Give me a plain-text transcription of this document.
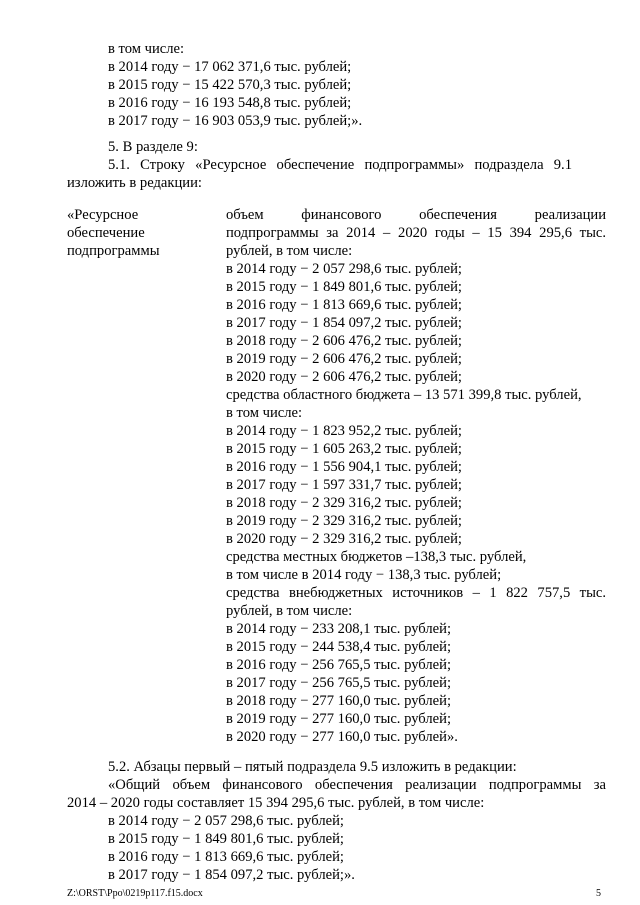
в том числе:
в 2014 году − 17 062 371,6 тыс. рублей;
в 2015 году − 15 422 570,3 тыс. рублей;
в 2016 году − 16 193 548,8 тыс. рублей;
в 2017 году − 16 903 053,9 тыс. рублей;».
5. В разделе 9:
5.1. Строку «Ресурсное обеспечение подпрограммы» подраздела 9.1
изложить в редакции:
«Ресурсное
обеспечение
подпрограммы
объем финансового обеспечения реализации
подпрограммы за 2014 – 2020 годы – 15 394 295,6 тыс.
рублей, в том числе:
в 2014 году − 2 057 298,6 тыс. рублей;
в 2015 году − 1 849 801,6 тыс. рублей;
в 2016 году − 1 813 669,6 тыс. рублей;
в 2017 году − 1 854 097,2 тыс. рублей;
в 2018 году − 2 606 476,2 тыс. рублей;
в 2019 году − 2 606 476,2 тыс. рублей;
в 2020 году − 2 606 476,2 тыс. рублей;
средства областного бюджета – 13 571 399,8 тыс. рублей,
в том числе:
в 2014 году − 1 823 952,2 тыс. рублей;
в 2015 году − 1 605 263,2 тыс. рублей;
в 2016 году − 1 556 904,1 тыс. рублей;
в 2017 году − 1 597 331,7 тыс. рублей;
в 2018 году − 2 329 316,2 тыс. рублей;
в 2019 году − 2 329 316,2 тыс. рублей;
в 2020 году − 2 329 316,2 тыс. рублей;
средства местных бюджетов –138,3 тыс. рублей,
в том числе в 2014 году − 138,3 тыс. рублей;
средства внебюджетных источников – 1 822 757,5 тыс.
рублей, в том числе:
в 2014 году − 233 208,1 тыс. рублей;
в 2015 году − 244 538,4 тыс. рублей;
в 2016 году − 256 765,5 тыс. рублей;
в 2017 году − 256 765,5 тыс. рублей;
в 2018 году − 277 160,0 тыс. рублей;
в 2019 году − 277 160,0 тыс. рублей;
в 2020 году − 277 160,0 тыс. рублей».
5.2. Абзацы первый – пятый подраздела 9.5 изложить в редакции:
«Общий объем финансового обеспечения реализации подпрограммы за
2014 – 2020 годы составляет 15 394 295,6 тыс. рублей, в том числе:
в 2014 году − 2 057 298,6 тыс. рублей;
в 2015 году − 1 849 801,6 тыс. рублей;
в 2016 году − 1 813 669,6 тыс. рублей;
в 2017 году − 1 854 097,2 тыс. рублей;».
Z:\ORST\Ppo\0219p117.f15.docx	5
